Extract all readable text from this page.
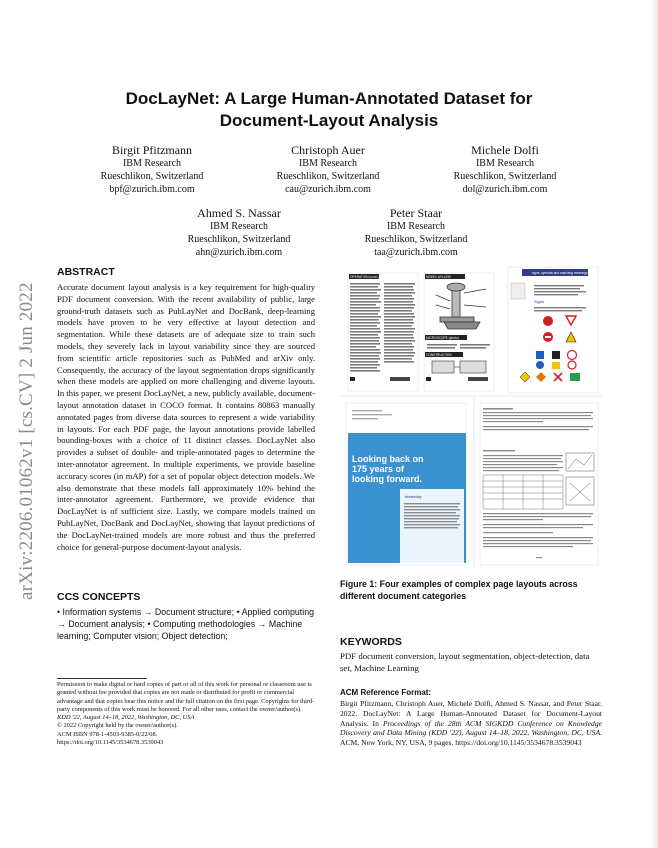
arXiv:2206.01062v1 [cs.CV] 2 Jun 2022
DocLayNet: A Large Human-Annotated Dataset for
Document-Layout Analysis
Birgit Pfitzmann
IBM Research
Rueschlikon, Switzerland
bpf@zurich.ibm.com
Christoph Auer
IBM Research
Rueschlikon, Switzerland
cau@zurich.ibm.com
Michele Dolfi
IBM Research
Rueschlikon, Switzerland
dol@zurich.ibm.com
Ahmed S. Nassar
IBM Research
Rueschlikon, Switzerland
ahn@zurich.ibm.com
Peter Staar
IBM Research
Rueschlikon, Switzerland
taa@zurich.ibm.com
ABSTRACT
Accurate document layout analysis is a key requirement for high-quality PDF document conversion. With the recent availability of public, large ground-truth datasets such as PubLayNet and DocBank, deep-learning models have proven to be very effective at layout detection and segmentation. While these datasets are of adequate size to train such models, they severely lack in layout variability since they are sourced from scientific article repositories such as PubMed and arXiv only. Consequently, the accuracy of the layout segmentation drops significantly when these models are applied on more challenging and diverse layouts. In this paper, we present DocLayNet, a new, publicly available, document-layout annotation dataset in COCO format. It contains 80863 manually annotated pages from diverse data sources to represent a wide variability in layouts. For each PDF page, the layout annotations provide labelled bounding-boxes with a choice of 11 distinct classes. DocLayNet also provides a subset of double- and triple-annotated pages to determine the inter-annotator agreement. In multiple experiments, we provide baseline accuracy scores (in mAP) for a set of popular object detection models. We also demonstrate that these models fall approximately 10% behind the inter-annotator agreement. Furthermore, we provide evidence that DocLayNet is of sufficient size. Lastly, we compare models trained on PubLayNet, DocBank and DocLayNet, showing that layout predictions of the DocLayNet-trained models are more robust and thus the preferred choice for general-purpose document-layout analysis.
CCS CONCEPTS
• Information systems → Document structure; • Applied computing → Document analysis; • Computing methodologies → Machine learning; Computer vision; Object detection;
Permission to make digital or hard copies of part or all of this work for personal or classroom use is granted without fee provided that copies are not made or distributed for profit or commercial advantage and that copies bear this notice and the full citation on the first page. Copyrights for third-party components of this work must be honored. For all other uses, contact the owner/author(s).
KDD '22, August 14–18, 2022, Washington, DC, USA
© 2022 Copyright held by the owner/author(s).
ACM ISBN 978-1-4503-9385-0/22/08.
https://doi.org/10.1145/3534678.3539043
OPERATION (cont.)	MODEL AYL1230
MICROSCOPE (photo)
CONSTRUCTION
signs, symbols and matching meanings
Signs
Looking back on 175 years of looking forward.
Yesterday
Figure 1: Four examples of complex page layouts across different document categories
KEYWORDS
PDF document conversion, layout segmentation, object-detection, data set, Machine Learning
ACM Reference Format:
Birgit Pfitzmann, Christoph Auer, Michele Dolfi, Ahmed S. Nassar, and Peter Staar. 2022. DocLayNet: A Large Human-Annotated Dataset for Document-Layout Analysis. In Proceedings of the 28th ACM SIGKDD Conference on Knowledge Discovery and Data Mining (KDD '22), August 14–18, 2022, Washington, DC, USA. ACM, New York, NY, USA, 9 pages. https://doi.org/10.1145/3534678.3539043
